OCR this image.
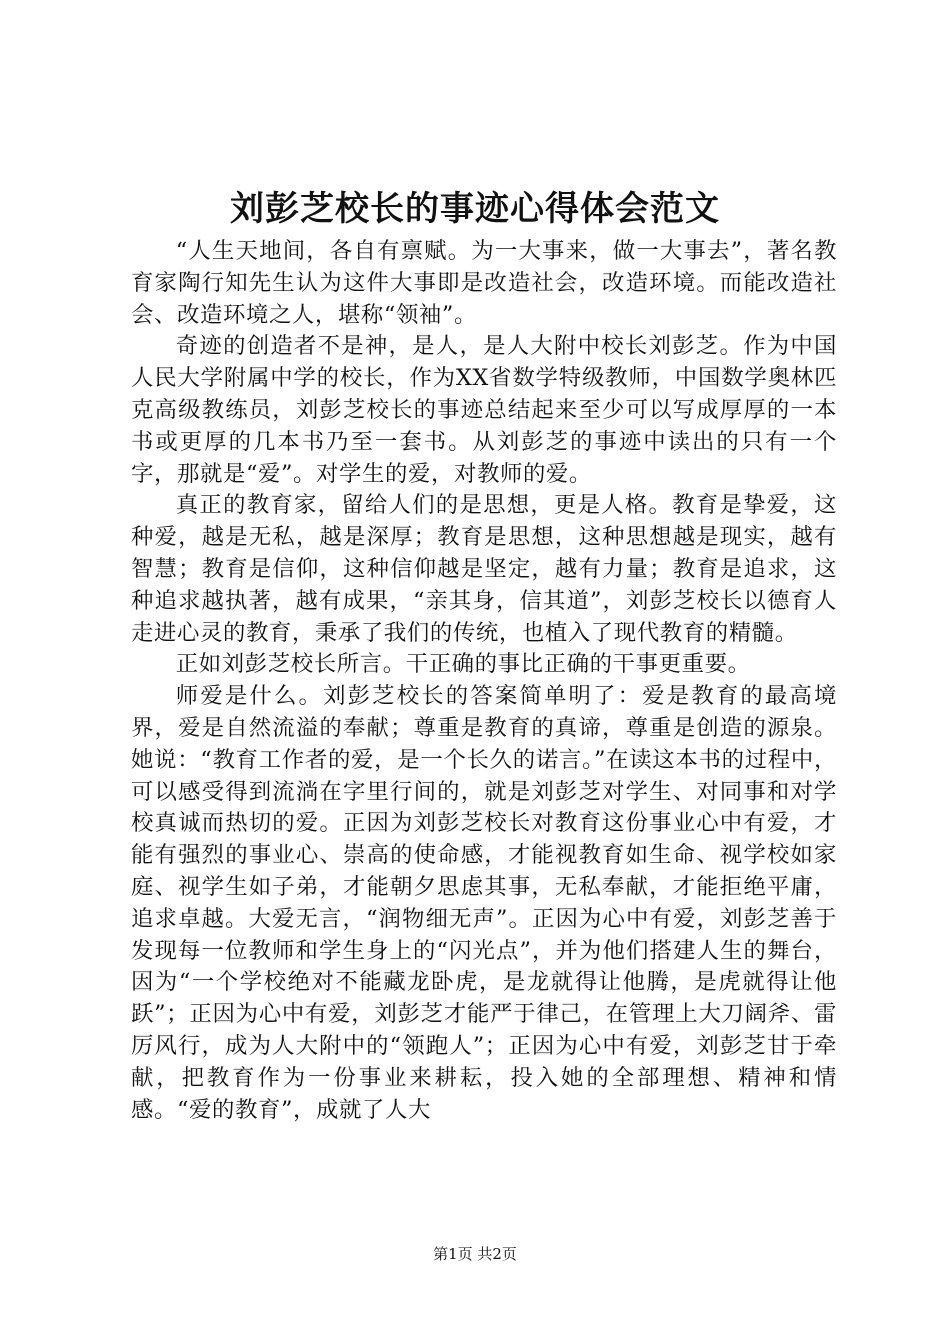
刘彭芝校长的事迹心得体会范文

“人生天地间，各自有禀赋。为一大事来，做一大事去”，著名教育家陶行知先生认为这件大事即是改造社会，改造环境。而能改造社会、改造环境之人，堪称“领袖”。

奇迹的创造者不是神，是人，是人大附中校长刘彭芝。作为中国人民大学附属中学的校长，作为XX省数学特级教师，中国数学奥林匹克高级教练员，刘彭芝校长的事迹总结起来至少可以写成厚厚的一本书或更厚的几本书乃至一套书。从刘彭芝的事迹中读出的只有一个字，那就是“爱”。对学生的爱，对教师的爱。

真正的教育家，留给人们的是思想，更是人格。教育是挚爱，这种爱，越是无私，越是深厚；教育是思想，这种思想越是现实，越有智慧；教育是信仰，这种信仰越是坚定，越有力量；教育是追求，这种追求越执著，越有成果，“亲其身，信其道”，刘彭芝校长以德育人走进心灵的教育，秉承了我们的传统，也植入了现代教育的精髓。

正如刘彭芝校长所言。干正确的事比正确的干事更重要。

师爱是什么。刘彭芝校长的答案简单明了：爱是教育的最高境界，爱是自然流溢的奉献；尊重是教育的真谛，尊重是创造的源泉。她说：“教育工作者的爱，是一个长久的诺言。”在读这本书的过程中，可以感受得到流淌在字里行间的，就是刘彭芝对学生、对同事和对学校真诚而热切的爱。正因为刘彭芝校长对教育这份事业心中有爱，才能有强烈的事业心、崇高的使命感，才能视教育如生命、视学校如家庭、视学生如子弟，才能朝夕思虑其事，无私奉献，才能拒绝平庸，追求卓越。大爱无言，“润物细无声”。正因为心中有爱，刘彭芝善于发现每一位教师和学生身上的“闪光点”，并为他们搭建人生的舞台，因为“一个学校绝对不能藏龙卧虎，是龙就得让他腾，是虎就得让他跃”；正因为心中有爱，刘彭芝才能严于律己，在管理上大刀阔斧、雷厉风行，成为人大附中的“领跑人”；正因为心中有爱，刘彭芝甘于牵献，把教育作为一份事业来耕耘，投入她的全部理想、精神和情感。“爱的教育”，成就了人大

第1页 共2页
